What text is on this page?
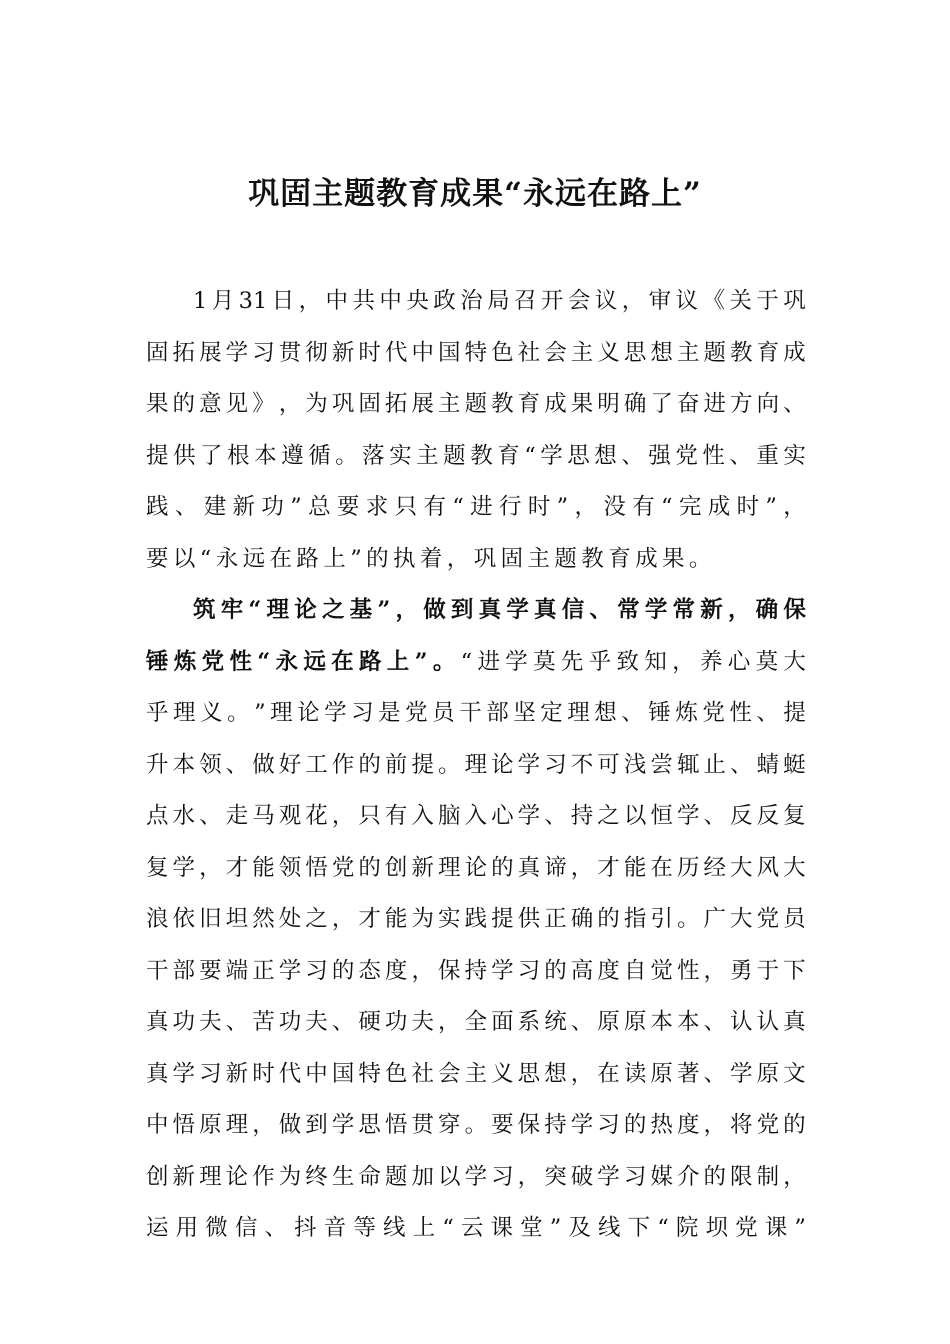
巩固主题教育成果“永远在路上”
1 月 31 日 ， 中 共 中 央 政 治 局 召 开 会 议 ， 审 议 《 关 于 巩
固 拓 展 学 习 贯 彻 新 时 代 中 国 特 色 社 会 主 义 思 想 主 题 教 育 成
果 的 意 见 》 ， 为 巩 固 拓 展 主 题 教 育 成 果 明 确 了 奋 进 方 向 、
提 供 了 根 本 遵 循 。 落 实 主 题 教 育 “ 学 思 想 、 强 党 性 、 重 实
践 、 建 新 功 ” 总 要 求 只 有 “ 进 行 时 ” ， 没 有 “ 完 成 时 ” ，
要以“永远在路上”的执着，巩固主题教育成果。
筑 牢 “ 理 论 之 基 ” ， 做 到 真 学 真 信 、 常 学 常 新 ， 确 保
锤 炼 党 性 “ 永 远 在 路 上 ” 。 “ 进 学 莫 先 乎 致 知 ， 养 心 莫 大
乎 理 义 。 ” 理 论 学 习 是 党 员 干 部 坚 定 理 想 、 锤 炼 党 性 、 提
升 本 领 、 做 好 工 作 的 前 提 。 理 论 学 习 不 可 浅 尝 辄 止 、 蜻 蜓
点 水 、 走 马 观 花 ， 只 有 入 脑 入 心 学 、 持 之 以 恒 学 、 反 反 复
复 学 ， 才 能 领 悟 党 的 创 新 理 论 的 真 谛 ， 才 能 在 历 经 大 风 大
浪 依 旧 坦 然 处 之 ， 才 能 为 实 践 提 供 正 确 的 指 引 。 广 大 党 员
干 部 要 端 正 学 习 的 态 度 ， 保 持 学 习 的 高 度 自 觉 性 ， 勇 于 下
真 功 夫 、 苦 功 夫 、 硬 功 夫 ， 全 面 系 统 、 原 原 本 本 、 认 认 真
真 学 习 新 时 代 中 国 特 色 社 会 主 义 思 想 ， 在 读 原 著 、 学 原 文
中 悟 原 理 ， 做 到 学 思 悟 贯 穿 。 要 保 持 学 习 的 热 度 ， 将 党 的
创 新 理 论 作 为 终 生 命 题 加 以 学 习 ， 突 破 学 习 媒 介 的 限 制 ，
运 用 微 信 、 抖 音 等 线 上 “ 云 课 堂 ” 及 线 下 “ 院 坝 党 课 ”
